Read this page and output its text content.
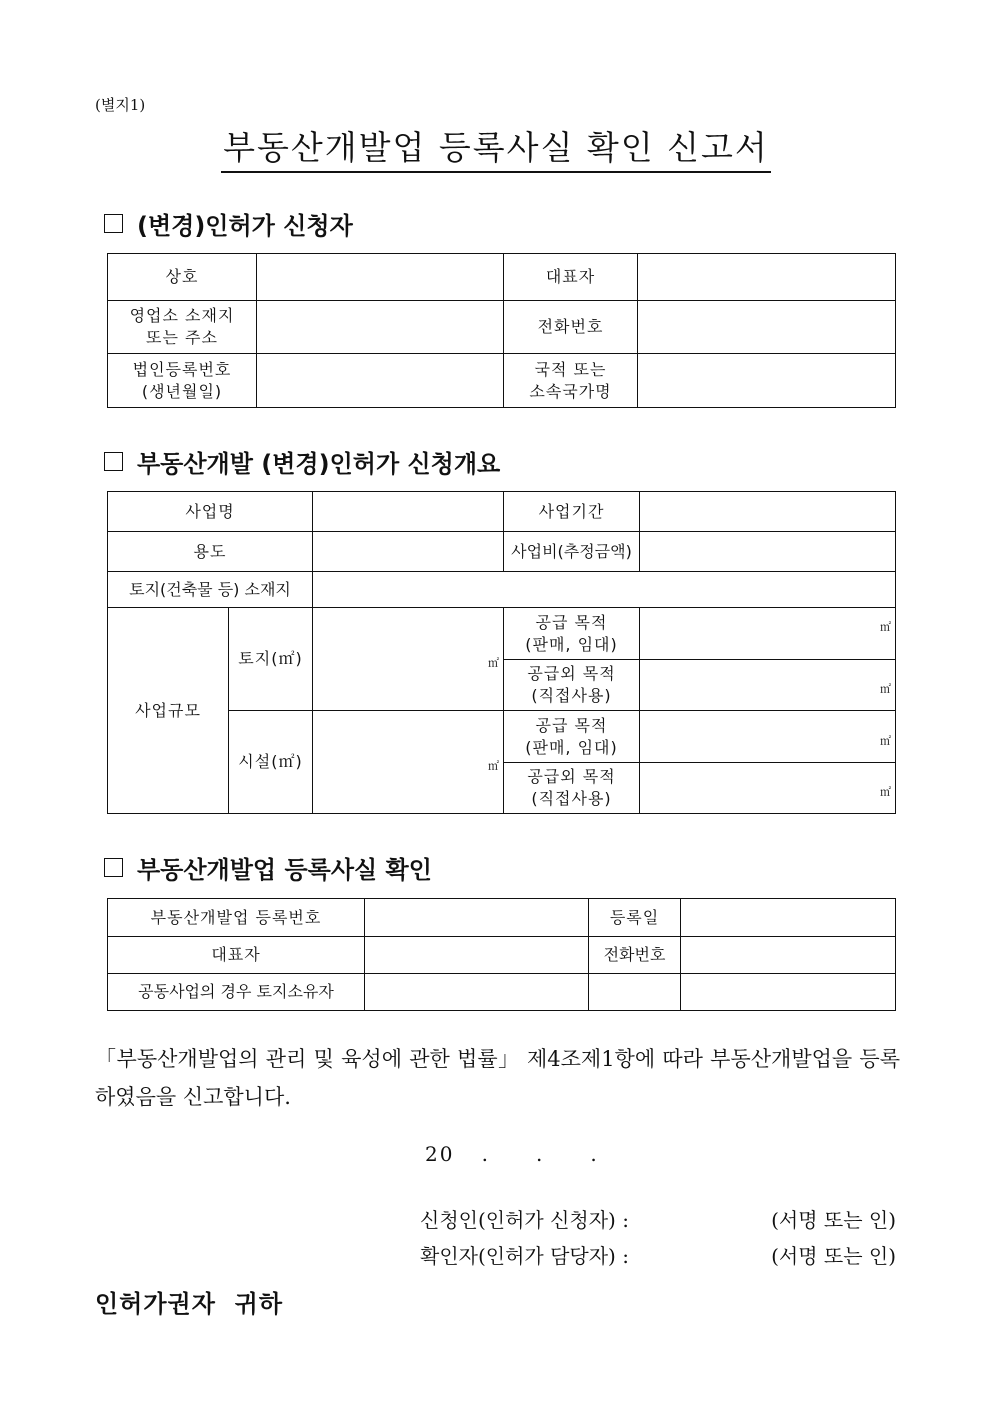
(별지1)
부동산개발업 등록사실 확인 신고서
(변경)인허가 신청자
상호		대표자	
영업소 소재지
또는 주소		전화번호	
법인등록번호
(생년월일)		국적 또는
소속국가명	
부동산개발 (변경)인허가 신청개요
사업명			사업기간	
용도			사업비(추정금액)	
토지(건축물 등) 소재지				
사업규모	토지(㎡)	㎡	공급 목적
(판매, 임대)	㎡

			공급외 목적
(직접사용)	㎡

	시설(㎡)	㎡	공급 목적
(판매, 임대)	㎡

			공급외 목적
(직접사용)	㎡
부동산개발업 등록사실 확인
부동산개발업 등록번호		등록일	
대표자		전화번호	
공동사업의 경우 토지소유자			
「부동산개발업의 관리 및 육성에 관한 법률」 제4조제1항에 따라 부동산개발업을 등록하였음을 신고합니다.
20 . . .
신청인(인허가 신청자) :	(서명 또는 인)
확인자(인허가 담당자) :	(서명 또는 인)
인허가권자  귀하
